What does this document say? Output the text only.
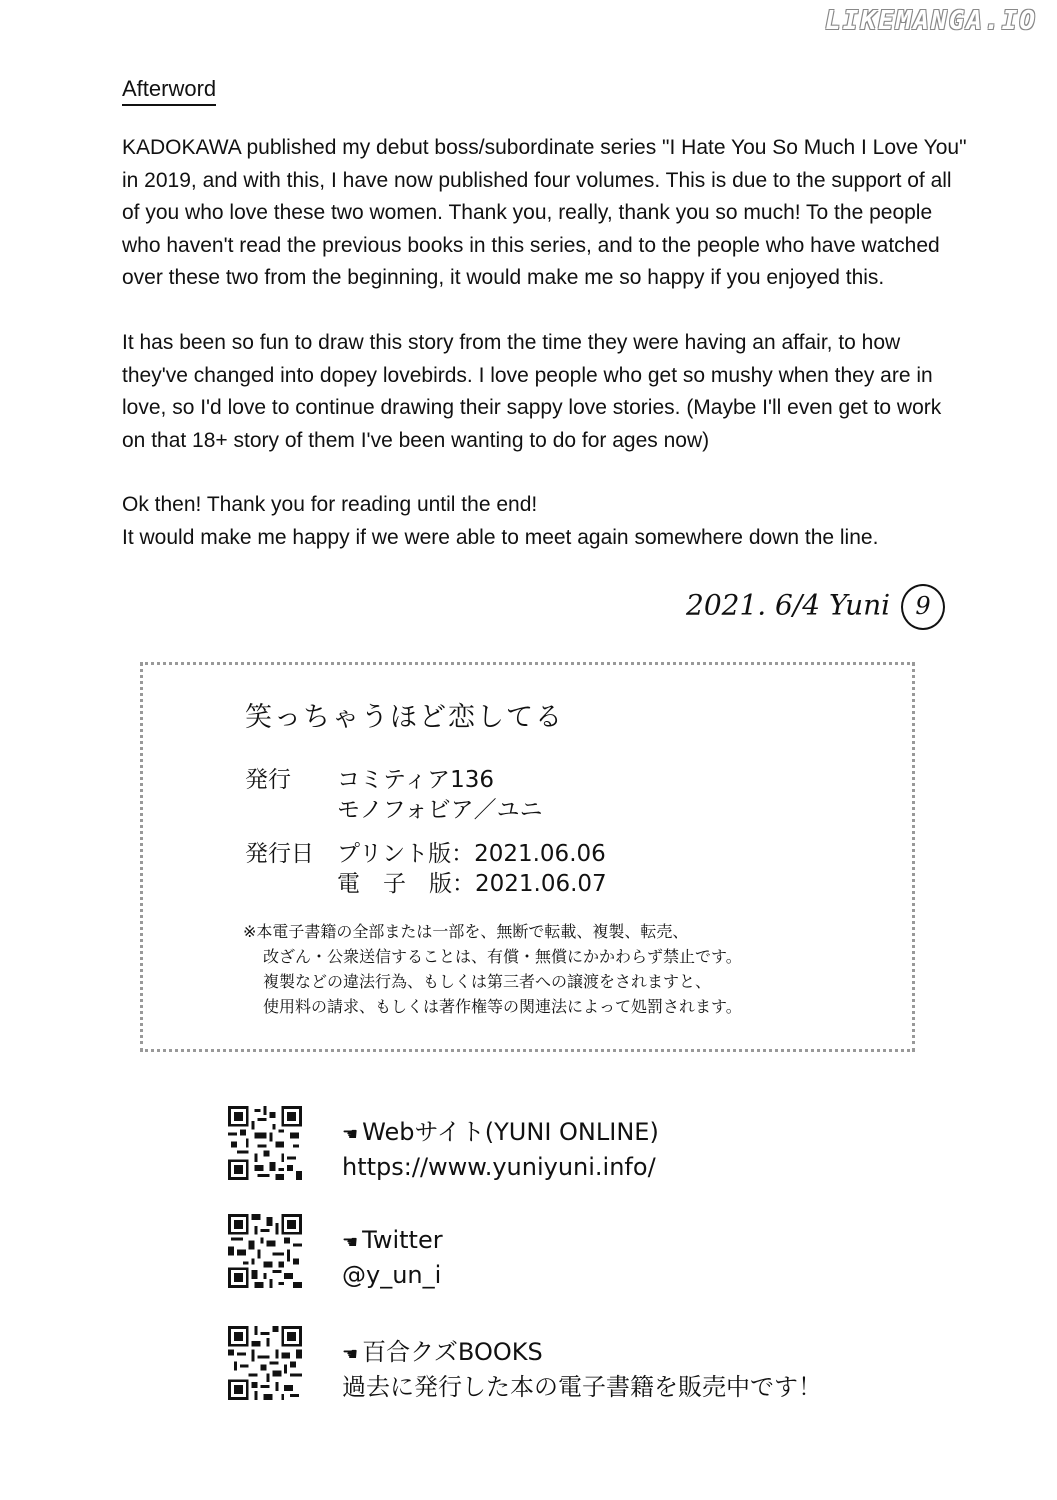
LIKEMANGA.IO
Afterword

KADOKAWA published my debut boss/subordinate series "I Hate You So Much I Love You"
in 2019, and with this, I have now published four volumes. This is due to the support of all
of you who love these two women. Thank you, really, thank you so much! To the people
who haven't read the previous books in this series, and to the people who have watched
over these two from the beginning, it would make me so happy if you enjoyed this.

It has been so fun to draw this story from the time they were having an affair, to how
they've changed into dopey lovebirds. I love people who get so mushy when they are in
love, so I'd love to continue drawing their sappy love stories. (Maybe I'll even get to work
on that 18+ story of them I've been wanting to do for ages now)

Ok then! Thank you for reading until the end!
It would make me happy if we were able to meet again somewhere down the line.

2021. 6/4 Yuni 9
笑っちゃうほど恋してる
発行 コミティア136
モノフォビア／ユニ
発行日 プリント版：2021.06.06
電　子　版：2021.06.07
※本電子書籍の全部または一部を、無断で転載、複製、転売、
改ざん・公衆送信することは、有償・無償にかかわらず禁止です。
複製などの違法行為、もしくは第三者への譲渡をされますと、
使用料の請求、もしくは著作権等の関連法によって処罰されます。
☚ Webサイト(YUNI ONLINE)
https://www.yuniyuni.info/
☚ Twitter
@y_un_i
☚ 百合クズBOOKS
過去に発行した本の電子書籍を販売中です！
